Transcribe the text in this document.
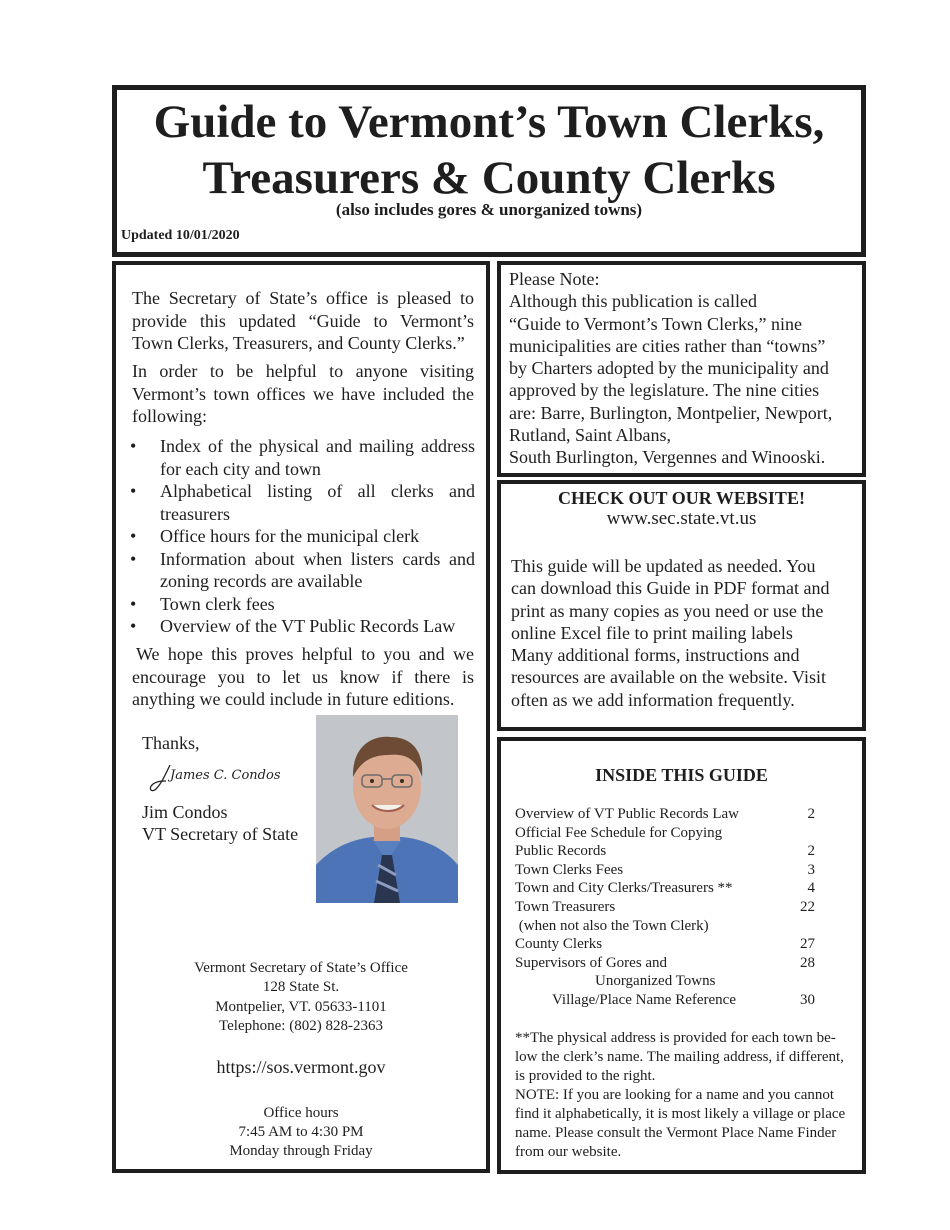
Guide to Vermont’s Town Clerks,
Treasurers & County Clerks
(also includes gores & unorganized towns)
Updated 10/01/2020

The Secretary of State’s office is pleased to provide this updated “Guide to Vermont’s Town Clerks, Treasurers, and County Clerks.”

In order to be helpful to anyone visiting Vermont’s town offices we have included the following:

•	Index of the physical and mailing address for each city and town
•	Alphabetical listing of all clerks and treasurers
•	Office hours for the municipal clerk
•	Information about when listers cards and zoning records are available
•	Town clerk fees
•	Overview of the VT Public Records Law

We hope this proves helpful to you and we encourage you to let us know if there is anything we could include in future editions.

Thanks,
James C. Condos
Jim Condos
VT Secretary of State
Vermont Secretary of State’s Office
128 State St.
Montpelier, VT. 05633-1101
Telephone: (802) 828-2363
https://sos.vermont.gov
Office hours
7:45 AM to 4:30 PM
Monday through Friday
Please Note:
Although this publication is called
“Guide to Vermont’s Town Clerks,” nine
municipalities are cities rather than “towns”
by Charters adopted by the municipality and
approved by the legislature. The nine cities
are: Barre, Burlington, Montpelier, Newport,
Rutland, Saint Albans,
South Burlington, Vergennes and Winooski.
CHECK OUT OUR WEBSITE!
www.sec.state.vt.us
This guide will be updated as needed. You
can download this Guide in PDF format and
print as many copies as you need or use the
online Excel file to print mailing labels
Many additional forms, instructions and
resources are available on the website. Visit
often as we add information frequently.
INSIDE THIS GUIDE
Overview of VT Public Records Law	2
Official Fee Schedule for Copying
Public Records	2
Town Clerks Fees	3
Town and City Clerks/Treasurers **	4
Town Treasurers	22
(when not also the Town Clerk)
County Clerks	27
Supervisors of Gores and	28
Unorganized Towns
Village/Place Name Reference	30
**The physical address is provided for each town be-
low the clerk’s name. The mailing address, if different,
is provided to the right.
NOTE: If you are looking for a name and you cannot
find it alphabetically, it is most likely a village or place
name. Please consult the Vermont Place Name Finder
from our website.
